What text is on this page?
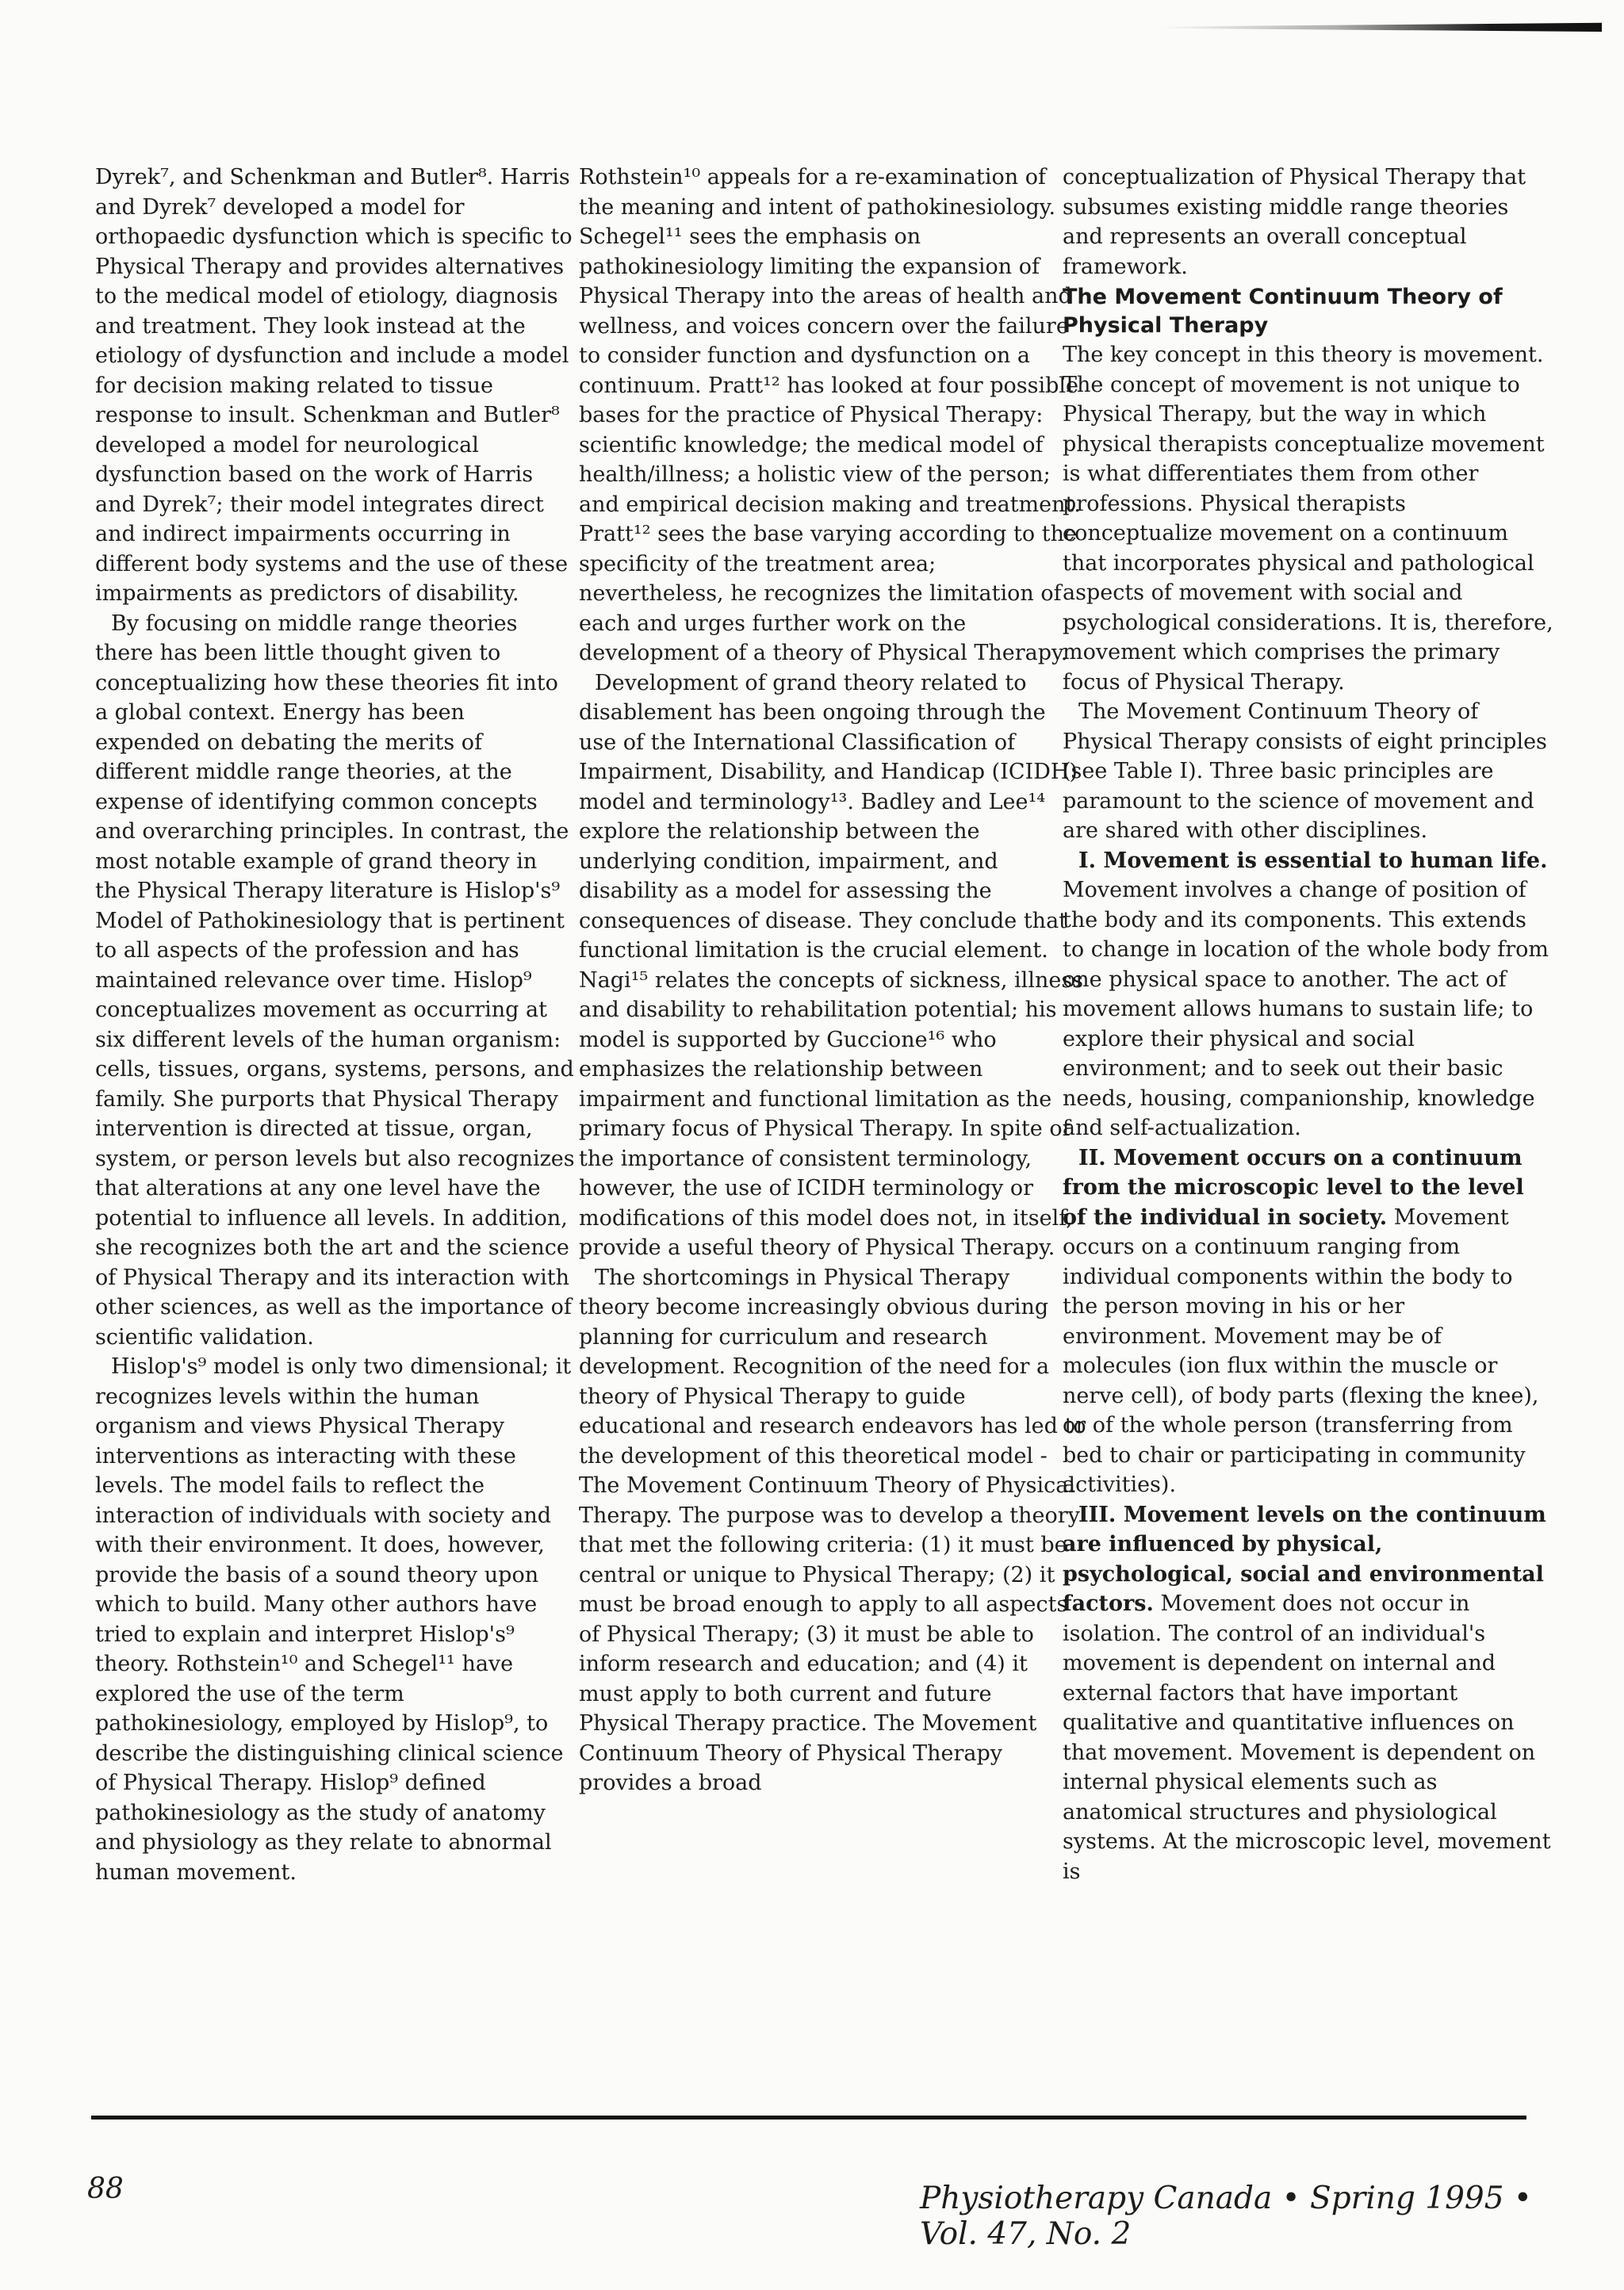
Dyrek⁷, and Schenkman and Butler⁸. Harris and Dyrek⁷ developed a model for orthopaedic dysfunction which is specific to Physical Therapy and provides alternatives to the medical model of etiology, diagnosis and treatment. They look instead at the etiology of dysfunction and include a model for decision making related to tissue response to insult. Schenkman and Butler⁸ developed a model for neurological dysfunction based on the work of Harris and Dyrek⁷; their model integrates direct and indirect impairments occurring in different body systems and the use of these impairments as predictors of disability.

By focusing on middle range theories there has been little thought given to conceptualizing how these theories fit into a global context. Energy has been expended on debating the merits of different middle range theories, at the expense of identifying common concepts and overarching principles. In contrast, the most notable example of grand theory in the Physical Therapy literature is Hislop's⁹ Model of Pathokinesiology that is pertinent to all aspects of the profession and has maintained relevance over time. Hislop⁹ conceptualizes movement as occurring at six different levels of the human organism: cells, tissues, organs, systems, persons, and family. She purports that Physical Therapy intervention is directed at tissue, organ, system, or person levels but also recognizes that alterations at any one level have the potential to influence all levels. In addition, she recognizes both the art and the science of Physical Therapy and its interaction with other sciences, as well as the importance of scientific validation.

Hislop's⁹ model is only two dimensional; it recognizes levels within the human organism and views Physical Therapy interventions as interacting with these levels. The model fails to reflect the interaction of individuals with society and with their environment. It does, however, provide the basis of a sound theory upon which to build. Many other authors have tried to explain and interpret Hislop's⁹ theory. Rothstein¹⁰ and Schegel¹¹ have explored the use of the term pathokinesiology, employed by Hislop⁹, to describe the distinguishing clinical science of Physical Therapy. Hislop⁹ defined pathokinesiology as the study of anatomy and physiology as they relate to abnormal human movement.

Rothstein¹⁰ appeals for a re-examination of the meaning and intent of pathokinesiology. Schegel¹¹ sees the emphasis on pathokinesiology limiting the expansion of Physical Therapy into the areas of health and wellness, and voices concern over the failure to consider function and dysfunction on a continuum. Pratt¹² has looked at four possible bases for the practice of Physical Therapy: scientific knowledge; the medical model of health/illness; a holistic view of the person; and empirical decision making and treatment. Pratt¹² sees the base varying according to the specificity of the treatment area; nevertheless, he recognizes the limitation of each and urges further work on the development of a theory of Physical Therapy.

Development of grand theory related to disablement has been ongoing through the use of the International Classification of Impairment, Disability, and Handicap (ICIDH) model and terminology¹³. Badley and Lee¹⁴ explore the relationship between the underlying condition, impairment, and disability as a model for assessing the consequences of disease. They conclude that functional limitation is the crucial element. Nagi¹⁵ relates the concepts of sickness, illness and disability to rehabilitation potential; his model is supported by Guccione¹⁶ who emphasizes the relationship between impairment and functional limitation as the primary focus of Physical Therapy. In spite of the importance of consistent terminology, however, the use of ICIDH terminology or modifications of this model does not, in itself, provide a useful theory of Physical Therapy.

The shortcomings in Physical Therapy theory become increasingly obvious during planning for curriculum and research development. Recognition of the need for a theory of Physical Therapy to guide educational and research endeavors has led to the development of this theoretical model - The Movement Continuum Theory of Physical Therapy. The purpose was to develop a theory that met the following criteria: (1) it must be central or unique to Physical Therapy; (2) it must be broad enough to apply to all aspects of Physical Therapy; (3) it must be able to inform research and education; and (4) it must apply to both current and future Physical Therapy practice. The Movement Continuum Theory of Physical Therapy provides a broad

conceptualization of Physical Therapy that subsumes existing middle range theories and represents an overall conceptual framework.

The Movement Continuum Theory of Physical Therapy

The key concept in this theory is movement. The concept of movement is not unique to Physical Therapy, but the way in which physical therapists conceptualize movement is what differentiates them from other professions. Physical therapists conceptualize movement on a continuum that incorporates physical and pathological aspects of movement with social and psychological considerations. It is, therefore, movement which comprises the primary focus of Physical Therapy.

The Movement Continuum Theory of Physical Therapy consists of eight principles (see Table I). Three basic principles are paramount to the science of movement and are shared with other disciplines.

I. Movement is essential to human life. Movement involves a change of position of the body and its components. This extends to change in location of the whole body from one physical space to another. The act of movement allows humans to sustain life; to explore their physical and social environment; and to seek out their basic needs, housing, companionship, knowledge and self-actualization.

II. Movement occurs on a continuum from the microscopic level to the level of the individual in society. Movement occurs on a continuum ranging from individual components within the body to the person moving in his or her environment. Movement may be of molecules (ion flux within the muscle or nerve cell), of body parts (flexing the knee), or of the whole person (transferring from bed to chair or participating in community activities).

III. Movement levels on the continuum are influenced by physical, psychological, social and environmental factors. Movement does not occur in isolation. The control of an individual's movement is dependent on internal and external factors that have important qualitative and quantitative influences on that movement. Movement is dependent on internal physical elements such as anatomical structures and physiological systems. At the microscopic level, movement is

88	Physiotherapy Canada • Spring 1995 • Vol. 47, No. 2
